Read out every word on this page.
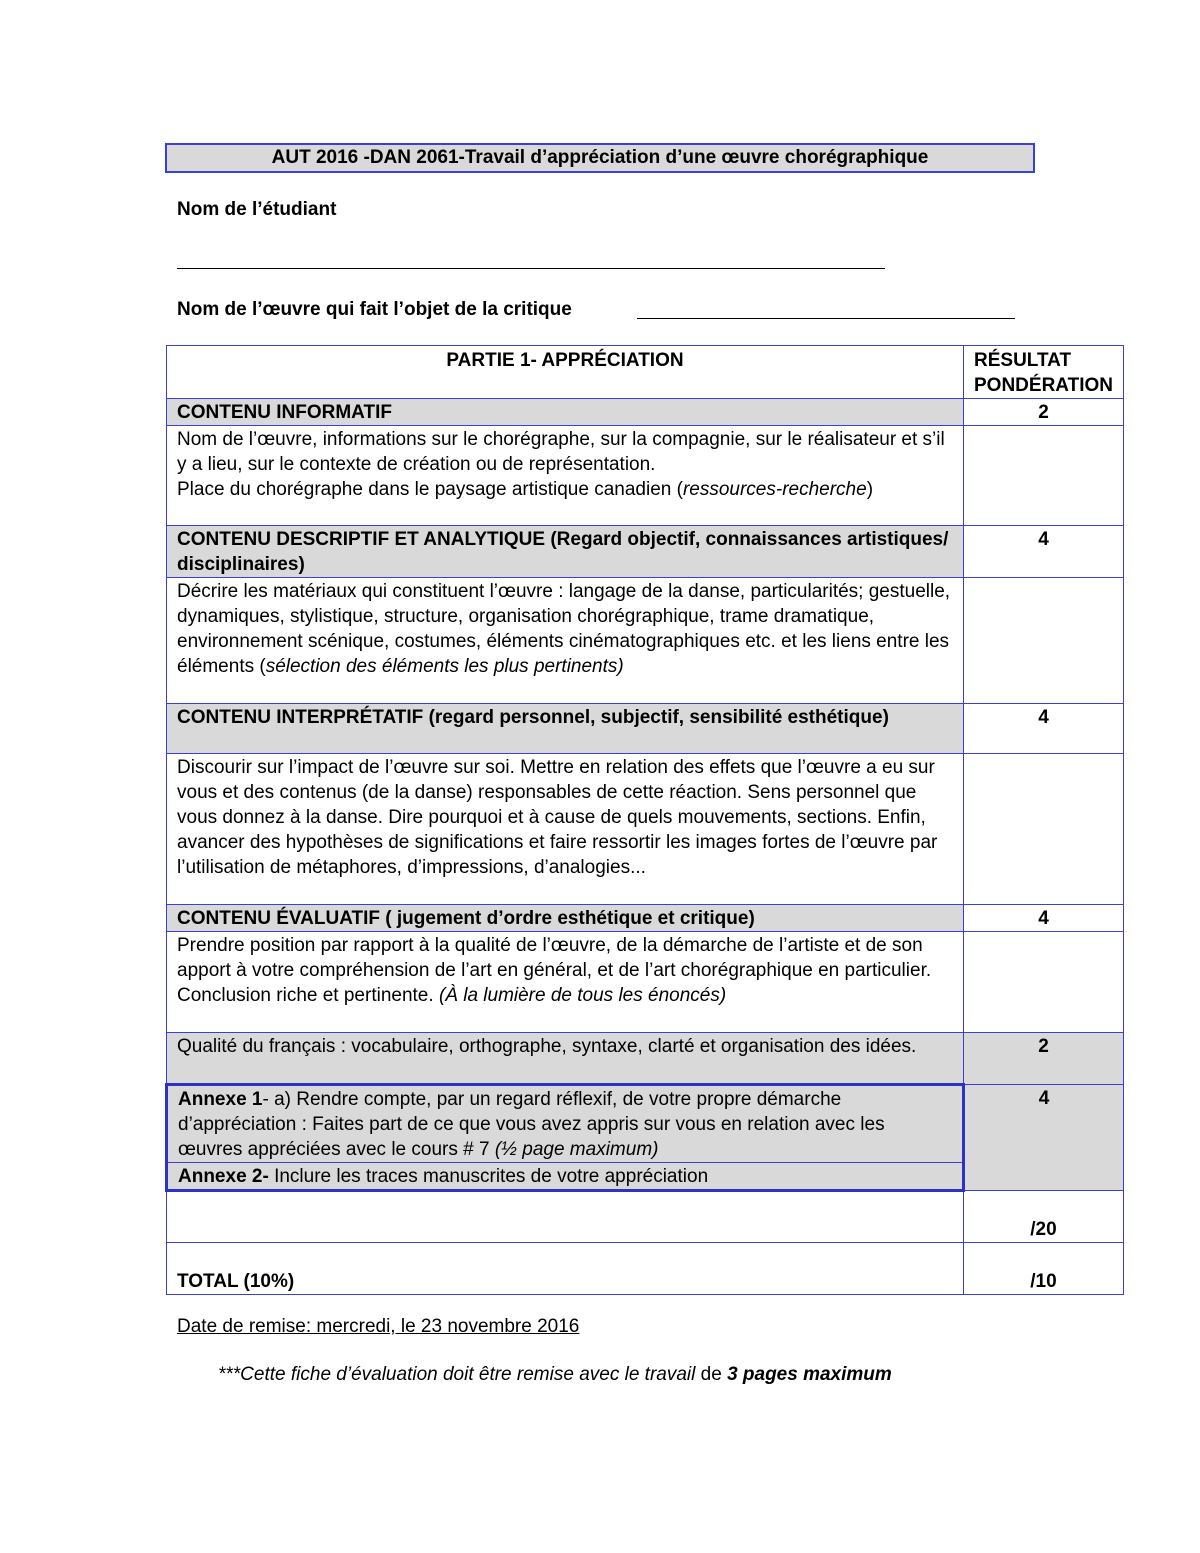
AUT 2016 -DAN 2061-Travail d’appréciation d’une œuvre chorégraphique
Nom de l’étudiant
Nom de l’œuvre qui fait l’objet de la critique
PARTIE 1- APPRÉCIATION	RÉSULTAT
PONDÉRATION

CONTENU INFORMATIF	2

Nom de l’œuvre, informations sur le chorégraphe, sur la compagnie, sur le réalisateur et s’il y a lieu, sur le contexte de création ou de représentation.
Place du chorégraphe dans le paysage artistique canadien (ressources-recherche)	

CONTENU DESCRIPTIF ET ANALYTIQUE (Regard objectif, connaissances artistiques/ disciplinaires)	4
Décrire les matériaux qui constituent l’œuvre : langage de la danse, particularités; gestuelle, dynamiques, stylistique, structure, organisation chorégraphique, trame dramatique, environnement scénique, costumes, éléments cinématographiques etc. et les liens entre les éléments (sélection des éléments les plus pertinents)	
CONTENU INTERPRÉTATIF (regard personnel, subjectif, sensibilité esthétique)	4
Discourir sur l’impact de l’œuvre sur soi. Mettre en relation des effets que l’œuvre a eu sur vous et des contenus (de la danse) responsables de cette réaction. Sens personnel que vous donnez à la danse. Dire pourquoi et à cause de quels mouvements, sections. Enfin, avancer des hypothèses de significations et faire ressortir les images fortes de l’œuvre par l’utilisation de métaphores, d’impressions, d’analogies...	
CONTENU ÉVALUATIF ( jugement d’ordre esthétique et critique)	4

Prendre position par rapport à la qualité de l’œuvre, de la démarche de l’artiste et de son apport à votre compréhension de l’art en général, et de l’art chorégraphique en particulier.
Conclusion riche et pertinente. (À la lumière de tous les énoncés)	

Qualité du français : vocabulaire, orthographe, syntaxe, clarté et organisation des idées.	2
Annexe 1- a) Rendre compte, par un regard réflexif, de votre propre démarche d’appréciation : Faites part de ce que vous avez appris sur vous en relation avec les œuvres appréciées avec le cours # 7 (½ page maximum)	4
Annexe 2- Inclure les traces manuscrites de votre appréciation	
	/20
TOTAL (10%)	/10
Date de remise: mercredi, le 23 novembre 2016
***Cette fiche d’évaluation doit être remise avec le travail de 3 pages maximum
